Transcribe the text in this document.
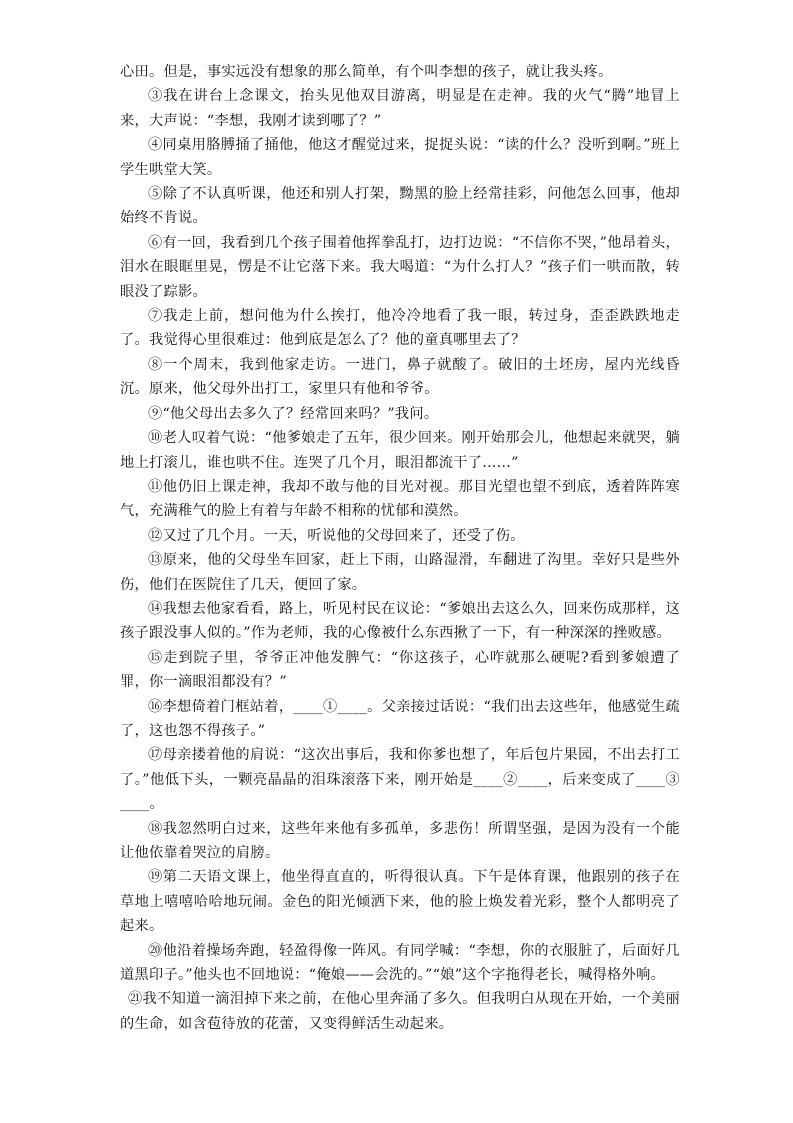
心田。但是，事实远没有想象的那么简单，有个叫李想的孩子，就让我头疼。

③我在讲台上念课文，抬头见他双目游离，明显是在走神。我的火气“腾”地冒上来，大声说：“李想，我刚才读到哪了？”

④同桌用胳膊捅了捅他，他这才醒觉过来，捉捉头说：“读的什么？没听到啊。”班上学生哄堂大笑。

⑤除了不认真听课，他还和别人打架，黝黑的脸上经常挂彩，问他怎么回事，他却始终不肯说。

⑥有一回，我看到几个孩子围着他挥拳乱打，边打边说：“不信你不哭，”他昂着头，泪水在眼眶里晃，愣是不让它落下来。我大喝道：“为什么打人？”孩子们一哄而散，转眼没了踪影。

⑦我走上前，想问他为什么挨打，他冷冷地看了我一眼，转过身，歪歪跌跌地走了。我觉得心里很难过：他到底是怎么了？他的童真哪里去了？

⑧一个周末，我到他家走访。一进门，鼻子就酸了。破旧的土坯房，屋内光线昏沉。原来，他父母外出打工，家里只有他和爷爷。

⑨“他父母出去多久了？经常回来吗？”我问。

⑩老人叹着气说：“他爹娘走了五年，很少回来。刚开始那会儿，他想起来就哭，躺地上打滚儿，谁也哄不住。连哭了几个月，眼泪都流干了……”

⑪他仍旧上课走神，我却不敢与他的目光对视。那目光望也望不到底，透着阵阵寒气，充满稚气的脸上有着与年龄不相称的忧郁和漠然。

⑫又过了几个月。一天，听说他的父母回来了，还受了伤。

⑬原来，他的父母坐车回家，赶上下雨，山路湿滑，车翻进了沟里。幸好只是些外伤，他们在医院住了几天，便回了家。

⑭我想去他家看看，路上，听见村民在议论：“爹娘出去这么久，回来伤成那样，这孩子跟没事人似的。”作为老师，我的心像被什么东西揪了一下，有一种深深的挫败感。

⑮走到院子里，爷爷正冲他发脾气：“你这孩子，心咋就那么硬呢?看到爹娘遭了罪，你一滴眼泪都没有？”

⑯李想倚着门框站着，____①____。父亲接过话说：“我们出去这些年，他感觉生疏了，这也怨不得孩子。”

⑰母亲搂着他的肩说：“这次出事后，我和你爹也想了，年后包片果园，不出去打工了。”他低下头，一颗亮晶晶的泪珠滚落下来，刚开始是____②____，后来变成了____③____。

⑱我忽然明白过来，这些年来他有多孤单，多悲伤！所谓坚强，是因为没有一个能让他依靠着哭泣的肩膀。

⑲第二天语文课上，他坐得直直的，听得很认真。下午是体育课，他跟别的孩子在草地上嘻嘻哈哈地玩闹。金色的阳光倾洒下来，他的脸上焕发着光彩，整个人都明亮了起来。

⑳他沿着操场奔跑，轻盈得像一阵风。有同学喊：“李想，你的衣服脏了，后面好几道黑印子。”他头也不回地说：“俺娘——会洗的。”“娘”这个字拖得老长，喊得格外响。

㉑我不知道一滴泪掉下来之前，在他心里奔涌了多久。但我明白从现在开始，一个美丽的生命，如含苞待放的花蕾，又变得鲜活生动起来。
